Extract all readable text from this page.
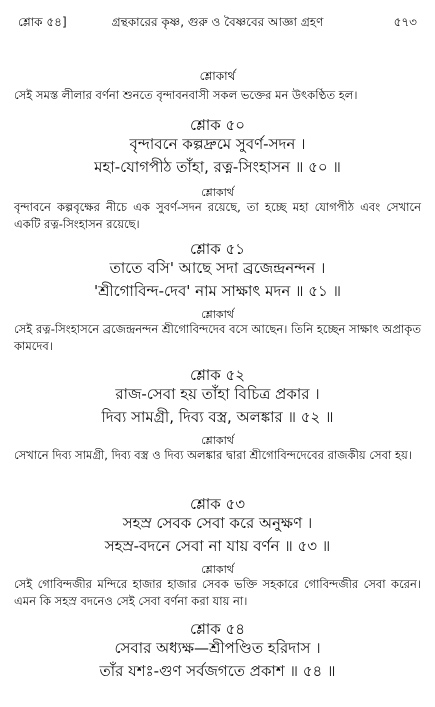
শ্লোক ৫৪]	গ্রন্থকারের কৃষ্ণ, গুরু ও বৈষ্ণবের আজ্ঞা গ্রহণ	৫৭৩
শ্লোকার্থ
সেই সমস্ত লীলার বর্ণনা শুনতে বৃন্দাবনবাসী সকল ভক্তের মন উৎকণ্ঠিত হল।
শ্লোক ৫০
বৃন্দাবনে কল্পদ্রুমে সুবর্ণ-সদন ।
মহা-যোগপীঠ তাঁহা, রত্ন-সিংহাসন ॥ ৫০ ॥
শ্লোকার্থ
বৃন্দাবনে কল্পবৃক্ষের নীচে এক সুবর্ণ-সদন রয়েছে, তা হচ্ছে মহা যোগপীঠ এবং সেখানে একটি রত্ন-সিংহাসন রয়েছে।
শ্লোক ৫১
তাতে বসি' আছে সদা ব্রজেন্দ্রনন্দন ।
'শ্রীগোবিন্দ-দেব' নাম সাক্ষাৎ মদন ॥ ৫১ ॥
শ্লোকার্থ
সেই রত্ন-সিংহাসনে ব্রজেন্দ্রনন্দন শ্রীগোবিন্দদেব বসে আছেন। তিনি হচ্ছেন সাক্ষাৎ অপ্রাকৃত কামদেব।
শ্লোক ৫২
রাজ-সেবা হয় তাঁহা বিচিত্র প্রকার ।
দিব্য সামগ্রী, দিব্য বস্ত্র, অলঙ্কার ॥ ৫২ ॥
শ্লোকার্থ
সেখানে দিব্য সামগ্রী, দিব্য বস্ত্র ও দিব্য অলঙ্কার দ্বারা শ্রীগোবিন্দদেবের রাজকীয় সেবা হয়।
শ্লোক ৫৩
সহস্র সেবক সেবা করে অনুক্ষণ ।
সহস্র-বদনে সেবা না যায় বর্ণন ॥ ৫৩ ॥
শ্লোকার্থ
সেই গোবিন্দজীর মন্দিরে হাজার হাজার সেবক ভক্তি সহকারে গোবিন্দজীর সেবা করেন। এমন কি সহস্র বদনেও সেই সেবা বর্ণনা করা যায় না।
শ্লোক ৫৪
সেবার অধ্যক্ষ—শ্রীপণ্ডিত হরিদাস ।
তাঁর যশঃ-গুণ সর্বজগতে প্রকাশ ॥ ৫৪ ॥
